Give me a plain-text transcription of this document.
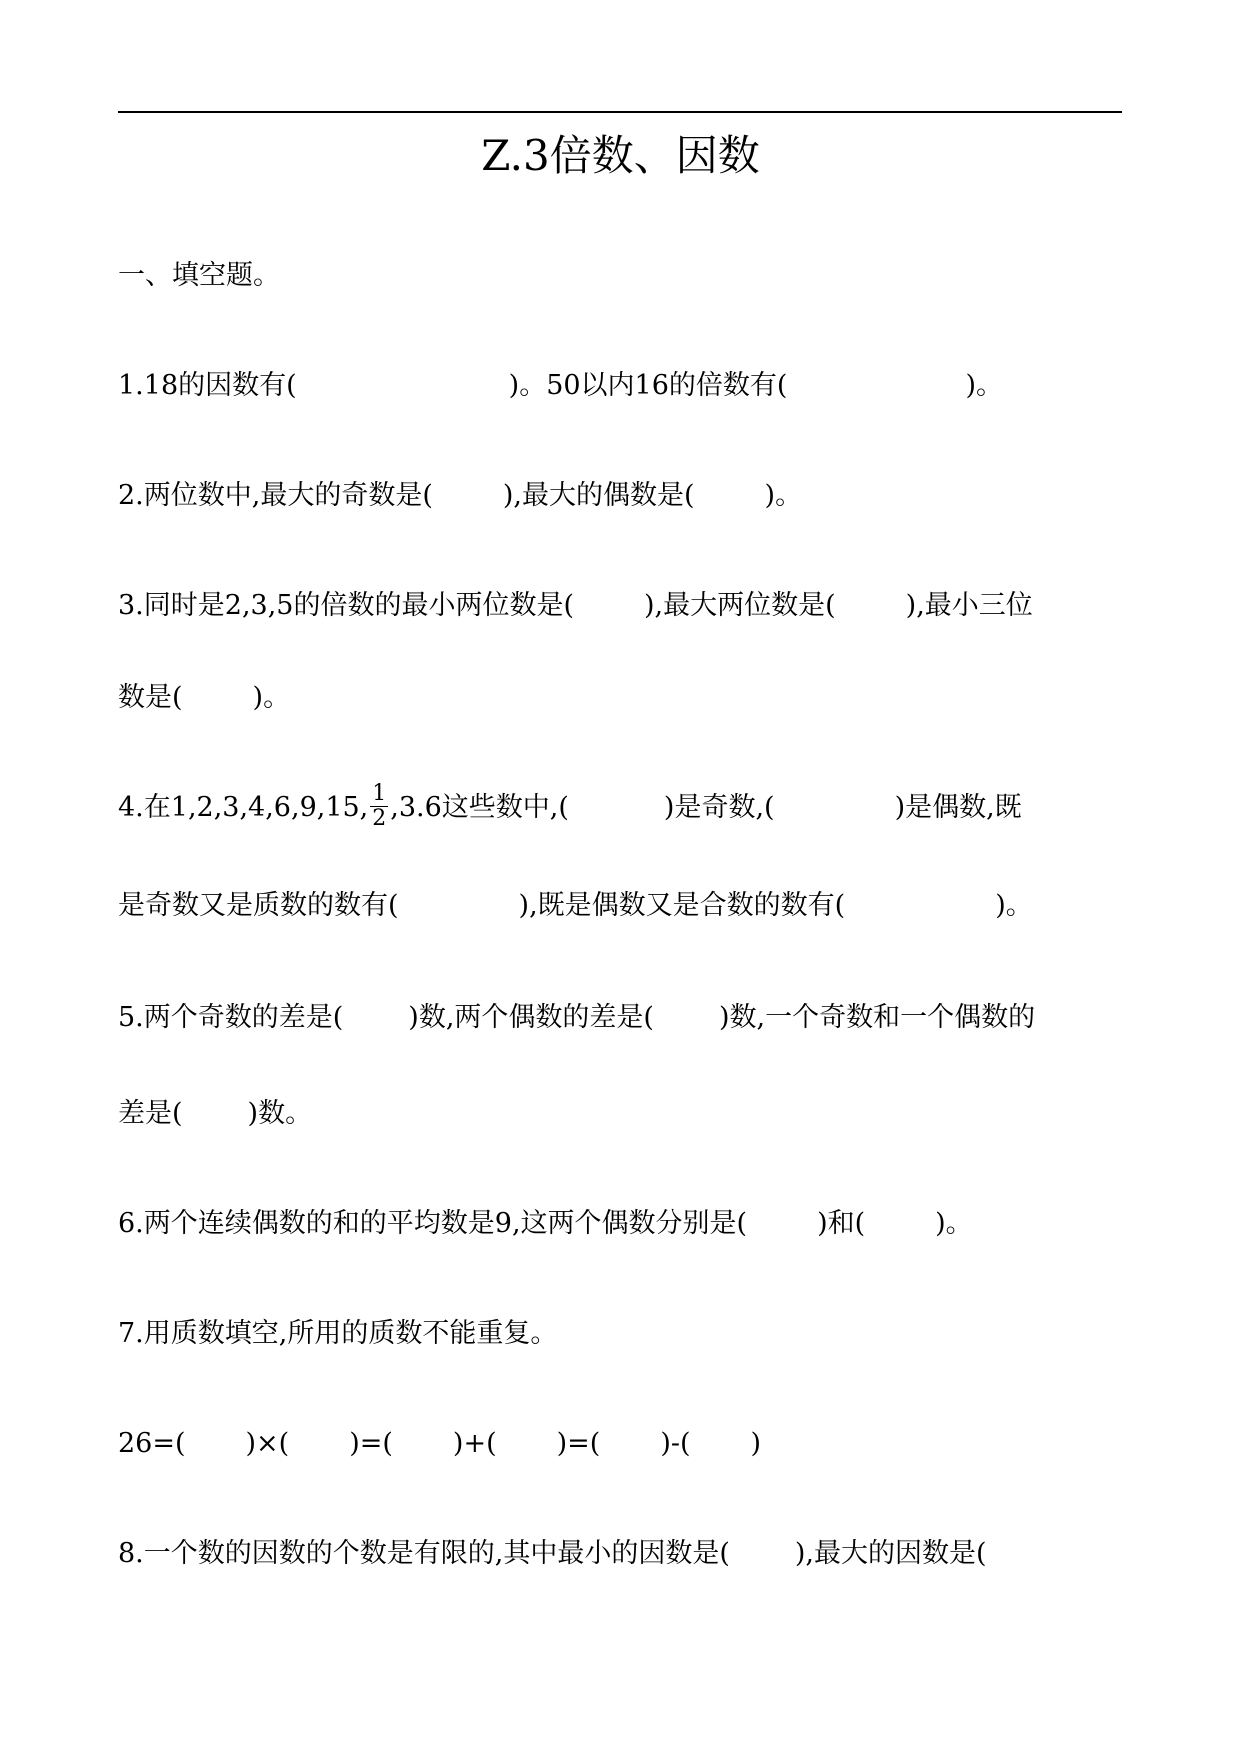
Z.3倍数、因数
一、填空题。
1.18的因数有(	)。50以内16的倍数有(	)。
2.两位数中,最大的奇数是(	),最大的偶数是(	)。
3.同时是2,3,5的倍数的最小两位数是(	),最大两位数是(	),最小三位
数是(	)。
4.在1,2,3,4,6,9,15, $\frac{1}{2} ,3.6$这些数中,(	)是奇数,(	)是偶数,既
是奇数又是质数的数有(	),既是偶数又是合数的数有(	)。
5.两个奇数的差是( )数,两个偶数的差是( )数,一个奇数和一个偶数的
差是( )数。
6.两个连续偶数的和的平均数是9,这两个偶数分别是(	)和(	)。
7.用质数填空,所用的质数不能重复。
26=( )×( )=( )+( )=( )-( )
8.一个数的因数的个数是有限的,其中最小的因数是( ),最大的因数是(
